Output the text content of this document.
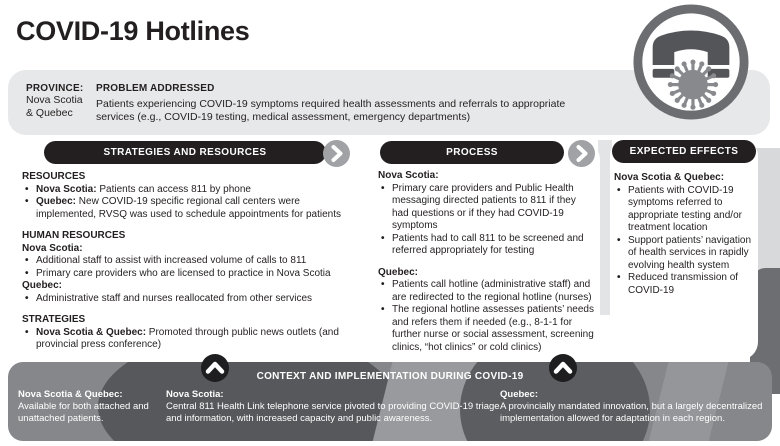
COVID-19 Hotlines
PROVINCE:
Nova Scotia
& Quebec
PROBLEM ADDRESSED
Patients experiencing COVID-19 symptoms required health assessments and referrals to appropriate services (e.g., COVID-19 testing, medical assessment, emergency departments)
STRATEGIES AND RESOURCES	PROCESS
RESOURCES
• Nova Scotia: Patients can access 811 by phone
• Quebec: New COVID-19 specific regional call centers were implemented, RVSQ was used to schedule appointments for patients
HUMAN RESOURCES
Nova Scotia:
• Additional staff to assist with increased volume of calls to 811
• Primary care providers who are licensed to practice in Nova Scotia
Quebec:
• Administrative staff and nurses reallocated from other services
STRATEGIES
• Nova Scotia & Quebec: Promoted through public news outlets (and provincial press conference)
Nova Scotia:
• Primary care providers and Public Health messaging directed patients to 811 if they had questions or if they had COVID-19 symptoms
• Patients had to call 811 to be screened and referred appropriately for testing
Quebec:
• Patients call hotline (administrative staff) and are redirected to the regional hotline (nurses)
• The regional hotline assesses patients’ needs and refers them if needed (e.g., 8-1-1 for further nurse or social assessment, screening clinics, “hot clinics” or cold clinics)
EXPECTED EFFECTS
Nova Scotia & Quebec:
• Patients with COVID-19 symptoms referred to appropriate testing and/or treatment location
• Support patients’ navigation of health services in rapidly evolving health system
• Reduced transmission of COVID-19
CONTEXT AND IMPLEMENTATION DURING COVID-19
Nova Scotia & Quebec:
Available for both attached and unattached patients.
Nova Scotia:
Central 811 Health Link telephone service pivoted to providing COVID-19 triage and information, with increased capacity and public awareness.
Quebec:
A provincially mandated innovation, but a largely decentralized implementation allowed for adaptation in each region.
